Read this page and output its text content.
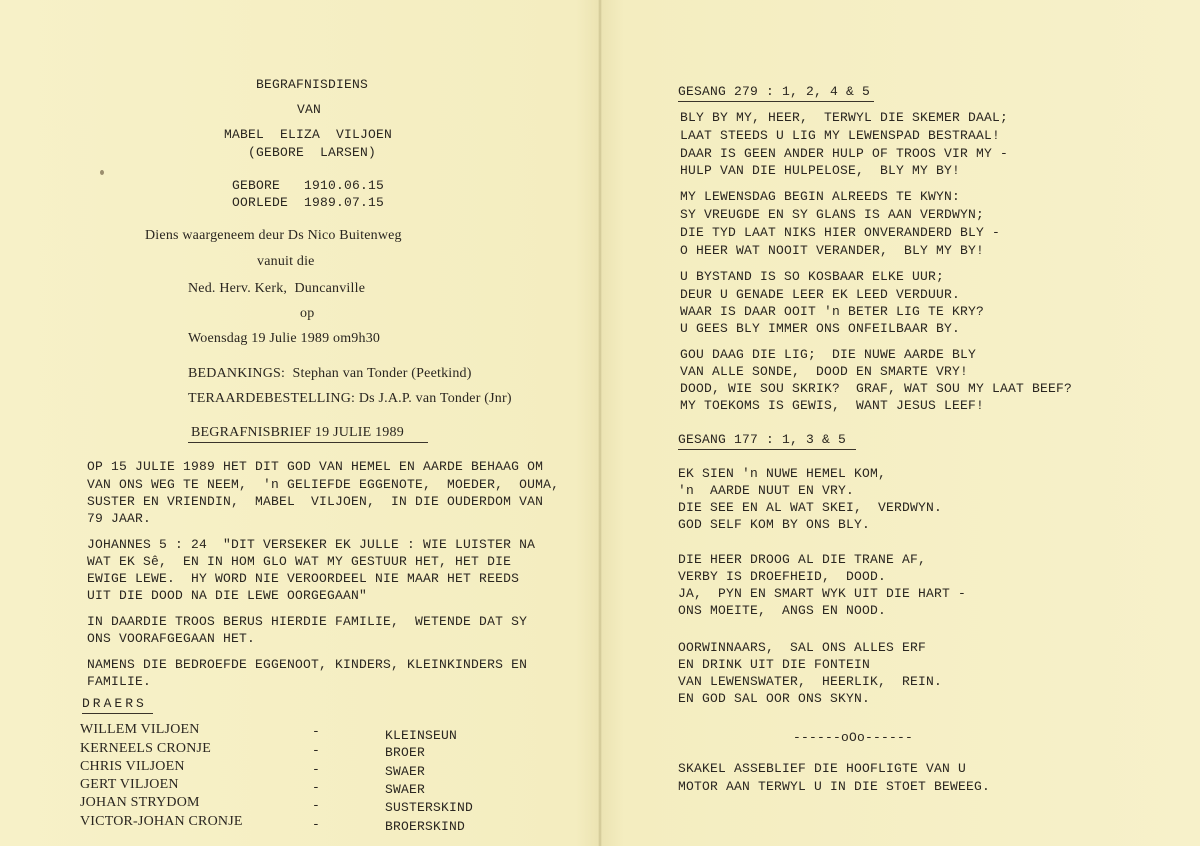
BEGRAFNISDIENS
VAN
MABEL  ELIZA  VILJOEN
(GEBORE  LARSEN)
GEBORE   1910.06.15
OORLEDE  1989.07.15
Diens waargeneem deur Ds Nico Buitenweg
vanuit die
Ned. Herv. Kerk,  Duncanville
op
Woensdag 19 Julie 1989 om9h30
BEDANKINGS:  Stephan van Tonder (Peetkind)
TERAARDEBESTELLING: Ds J.A.P. van Tonder (Jnr)
BEGRAFNISBRIEF 19 JULIE 1989
OP 15 JULIE 1989 HET DIT GOD VAN HEMEL EN AARDE BEHAAG OM
VAN ONS WEG TE NEEM,  'n GELIEFDE EGGENOTE,  MOEDER,  OUMA,
SUSTER EN VRIENDIN,  MABEL  VILJOEN,  IN DIE OUDERDOM VAN
79 JAAR.
JOHANNES 5 : 24  "DIT VERSEKER EK JULLE : WIE LUISTER NA
WAT EK Sê,  EN IN HOM GLO WAT MY GESTUUR HET, HET DIE
EWIGE LEWE.  HY WORD NIE VEROORDEEL NIE MAAR HET REEDS
UIT DIE DOOD NA DIE LEWE OORGEGAAN"
IN DAARDIE TROOS BERUS HIERDIE FAMILIE,  WETENDE DAT SY
ONS VOORAFGEGAAN HET.
NAMENS DIE BEDROEFDE EGGENOOT, KINDERS, KLEINKINDERS EN
FAMILIE.
DRAERS
WILLEM VILJOEN	-	KLEINSEUN
KERNEELS CRONJE	-	BROER
CHRIS VILJOEN	-	SWAER
GERT VILJOEN	-	SWAER
JOHAN STRYDOM	-	SUSTERSKIND
VICTOR-JOHAN CRONJE	-	BROERSKIND
GESANG 279 : 1, 2, 4 & 5
BLY BY MY, HEER,  TERWYL DIE SKEMER DAAL;
LAAT STEEDS U LIG MY LEWENSPAD BESTRAAL!
DAAR IS GEEN ANDER HULP OF TROOS VIR MY -
HULP VAN DIE HULPELOSE,  BLY MY BY!
MY LEWENSDAG BEGIN ALREEDS TE KWYN:
SY VREUGDE EN SY GLANS IS AAN VERDWYN;
DIE TYD LAAT NIKS HIER ONVERANDERD BLY -
O HEER WAT NOOIT VERANDER,  BLY MY BY!
U BYSTAND IS SO KOSBAAR ELKE UUR;
DEUR U GENADE LEER EK LEED VERDUUR.
WAAR IS DAAR OOIT 'n BETER LIG TE KRY?
U GEES BLY IMMER ONS ONFEILBAAR BY.
GOU DAAG DIE LIG;  DIE NUWE AARDE BLY
VAN ALLE SONDE,  DOOD EN SMARTE VRY!
DOOD, WIE SOU SKRIK?  GRAF, WAT SOU MY LAAT BEEF?
MY TOEKOMS IS GEWIS,  WANT JESUS LEEF!
GESANG 177 : 1, 3 & 5
EK SIEN 'n NUWE HEMEL KOM,
'n  AARDE NUUT EN VRY.
DIE SEE EN AL WAT SKEI,  VERDWYN.
GOD SELF KOM BY ONS BLY.
DIE HEER DROOG AL DIE TRANE AF,
VERBY IS DROEFHEID,  DOOD.
JA,  PYN EN SMART WYK UIT DIE HART -
ONS MOEITE,  ANGS EN NOOD.
OORWINNAARS,  SAL ONS ALLES ERF
EN DRINK UIT DIE FONTEIN
VAN LEWENSWATER,  HEERLIK,  REIN.
EN GOD SAL OOR ONS SKYN.
------oOo------
SKAKEL ASSEBLIEF DIE HOOFLIGTE VAN U
MOTOR AAN TERWYL U IN DIE STOET BEWEEG.
